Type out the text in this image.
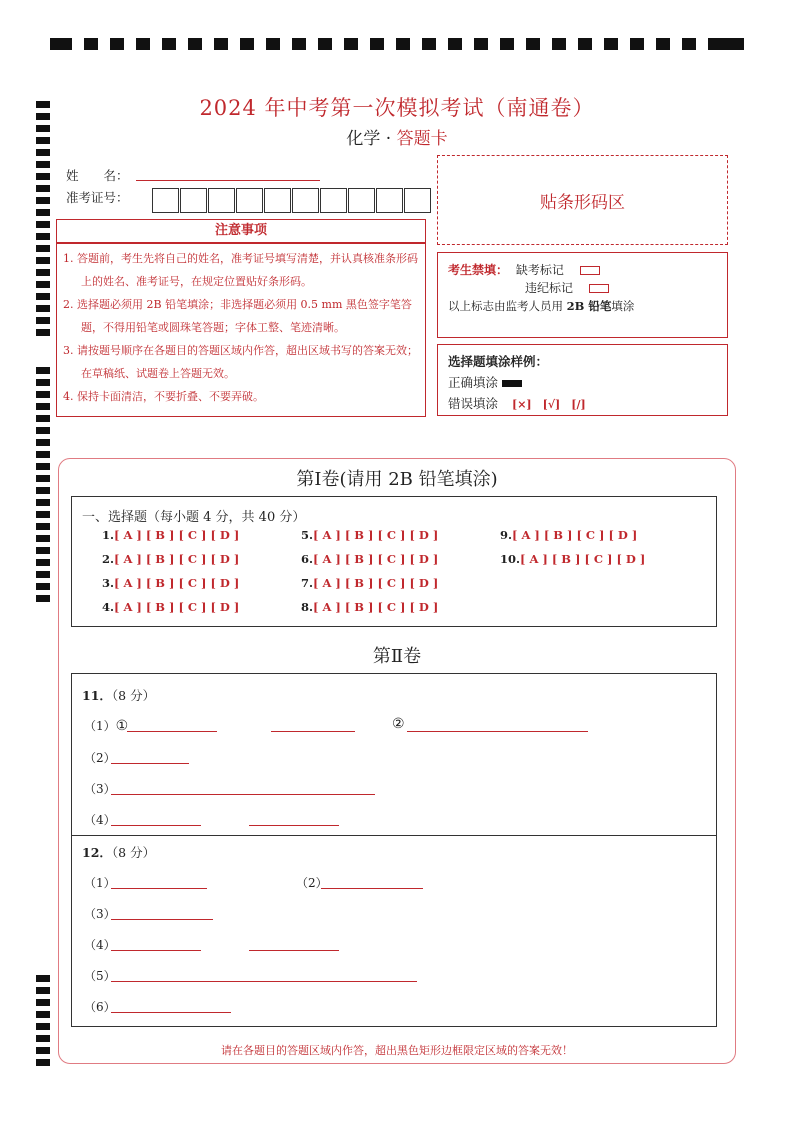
2024 年中考第一次模拟考试（南通卷）
化学 · 答题卡
姓　　名：
准考证号：	贴条形码区
注意事项
1. 答题前，考生先将自己的姓名，准考证号填写清楚，并认真核准条形码上的姓名、准考证号，在规定位置贴好条形码。
2. 选择题必须用 2B 铅笔填涂；非选择题必须用 0.5 mm 黑色签字笔答题，不得用铅笔或圆珠笔答题；字体工整、笔迹清晰。
3. 请按题号顺序在各题目的答题区域内作答，超出区域书写的答案无效；在草稿纸、试题卷上答题无效。
4. 保持卡面清洁，不要折叠、不要弄破。
考生禁填： 缺考标记
违纪标记
以上标志由监考人员用 2B 铅笔填涂
选择题填涂样例：
正确填涂
错误填涂 [×]　[√]　[/]
第Ⅰ卷(请用 2B 铅笔填涂)
一、选择题（每小题 4 分，共 40 分）
1.[ A ] [ B ] [ C ] [ D ]
2.[ A ] [ B ] [ C ] [ D ]
3.[ A ] [ B ] [ C ] [ D ]
4.[ A ] [ B ] [ C ] [ D ]
5.[ A ] [ B ] [ C ] [ D ]
6.[ A ] [ B ] [ C ] [ D ]
7.[ A ] [ B ] [ C ] [ D ]
8.[ A ] [ B ] [ C ] [ D ]
9.[ A ] [ B ] [ C ] [ D ]
10.[ A ] [ B ] [ C ] [ D ]
第Ⅱ卷
11．（8 分）
（1）①	②
（2）
（3）
（4）
12．（8 分）
（1）	（2）
（3）
（4）
（5）
（6）
请在各题目的答题区域内作答，超出黑色矩形边框限定区域的答案无效！
